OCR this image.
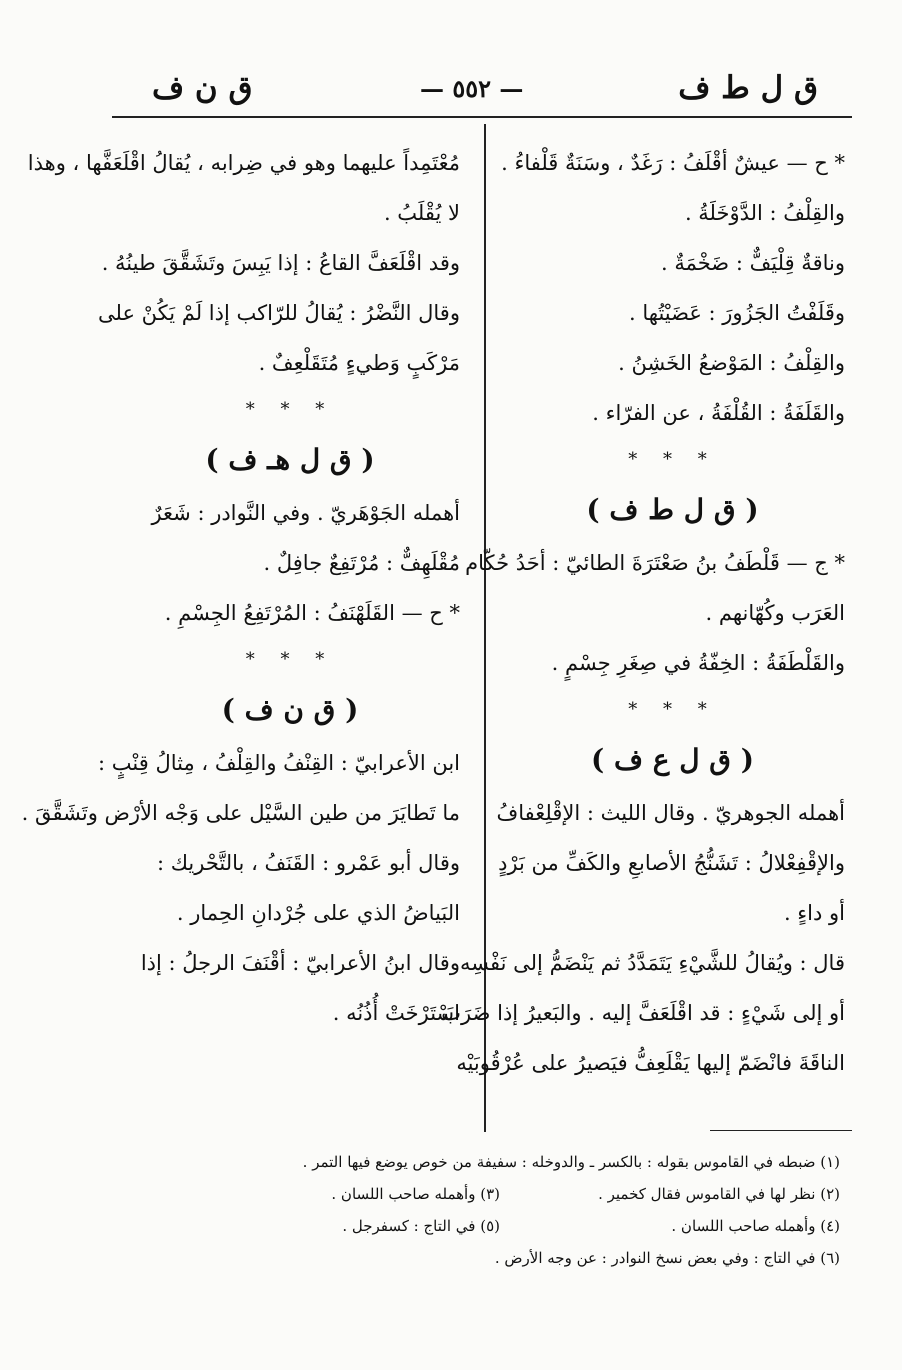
ق ل ط ف
— ٥٥٢ —
ق ن ف
* ح — عيشٌ أقْلَفُ : رَغَدٌ ، وسَنَةٌ قَلْفاءُ .
والقِلْفُ : الدَّوْخَلَةُ .
وناقةٌ قِلْيَفٌّ : ضَخْمَةٌ .
وقَلَفْتُ الجَزُورَ : عَضَيْتُها .
والقِلْفُ : المَوْضعُ الخَشِنُ .
والقَلَفَةُ : القُلْفَةُ ، عن الفرّاء .
* * *
( ق ل ط ف )
* ج — قَلْطَفُ بنُ صَعْتَرَةَ الطائيّ : أحَدُ حُكّام
العَرَب وكُهّانهم .
والقَلْطَفَةُ : الخِفّةُ في صِغَرِ جِسْمٍ .
* * *
( ق ل ع ف )
أهمله الجوهريّ . وقال الليث : الإقْلِعْفافُ
والإقْفِعْلالُ : تَشَنُّجُ الأصابعِ والكَفِّ من بَرْدٍ
أو داءٍ .
قال : ويُقالُ للشَّيْءِ يَتَمَدَّدُ ثم يَنْضَمُّ إلى نَفْسِه
أو إلى شَيْءٍ : قد اقْلَعَفَّ إليه . والبَعيرُ إذا ضَرَبَ
الناقَةَ فانْضَمّ إليها يَقْلَعِفُّ فيَصيرُ على عُرْقُوبَيْه
مُعْتَمِداً عليهما وهو في ضِرابه ، يُقالُ اقْلَعَفَّها ، وهذا
لا يُقْلَبُ .
وقد اقْلَعَفَّ القاعُ : إذا يَبِسَ وتَشَقَّقَ طينُهُ .
وقال النَّضْرُ : يُقالُ للرّاكب إذا لَمْ يَكُنْ على
مَرْكَبٍ وَطيءٍ مُتَقَلْعِفٌ .
* * *
( ق ل هـ ف )
أهمله الجَوْهَريّ . وفي النَّوادر : شَعَرٌ
مُقْلَهِفٌّ : مُرْتَفِعٌ جافِلٌ .
* ح — القَلَهْنَفُ : المُرْتَفِعُ الجِسْمِ .
* * *
( ق ن ف )
ابن الأعرابيّ : القِنْفُ والقِلْفُ ، مِثالُ قِنْبٍ :
ما تَطايَرَ من طين السَّيْل على وَجْه الأرْض وتَشَقَّقَ .
وقال أبو عَمْرو : القَنَفُ ، بالتَّحْريك :
البَياضُ الذي على جُرْدانِ الحِمار .
وقال ابنُ الأعرابيّ : أقْنَفَ الرجلُ : إذا
اسْتَرْخَتْ أُذُنُه .
(١) ضبطه في القاموس بقوله : بالكسر ـ والدوخله : سفيفة من خوص يوضع فيها التمر .
(٢) نظر لها في القاموس فقال كخمير .
(٣) وأهمله صاحب اللسان .
(٤) وأهمله صاحب اللسان .
(٥) في التاج : كسفرجل .
(٦) في التاج : وفي بعض نسخ النوادر : عن وجه الأرض .
